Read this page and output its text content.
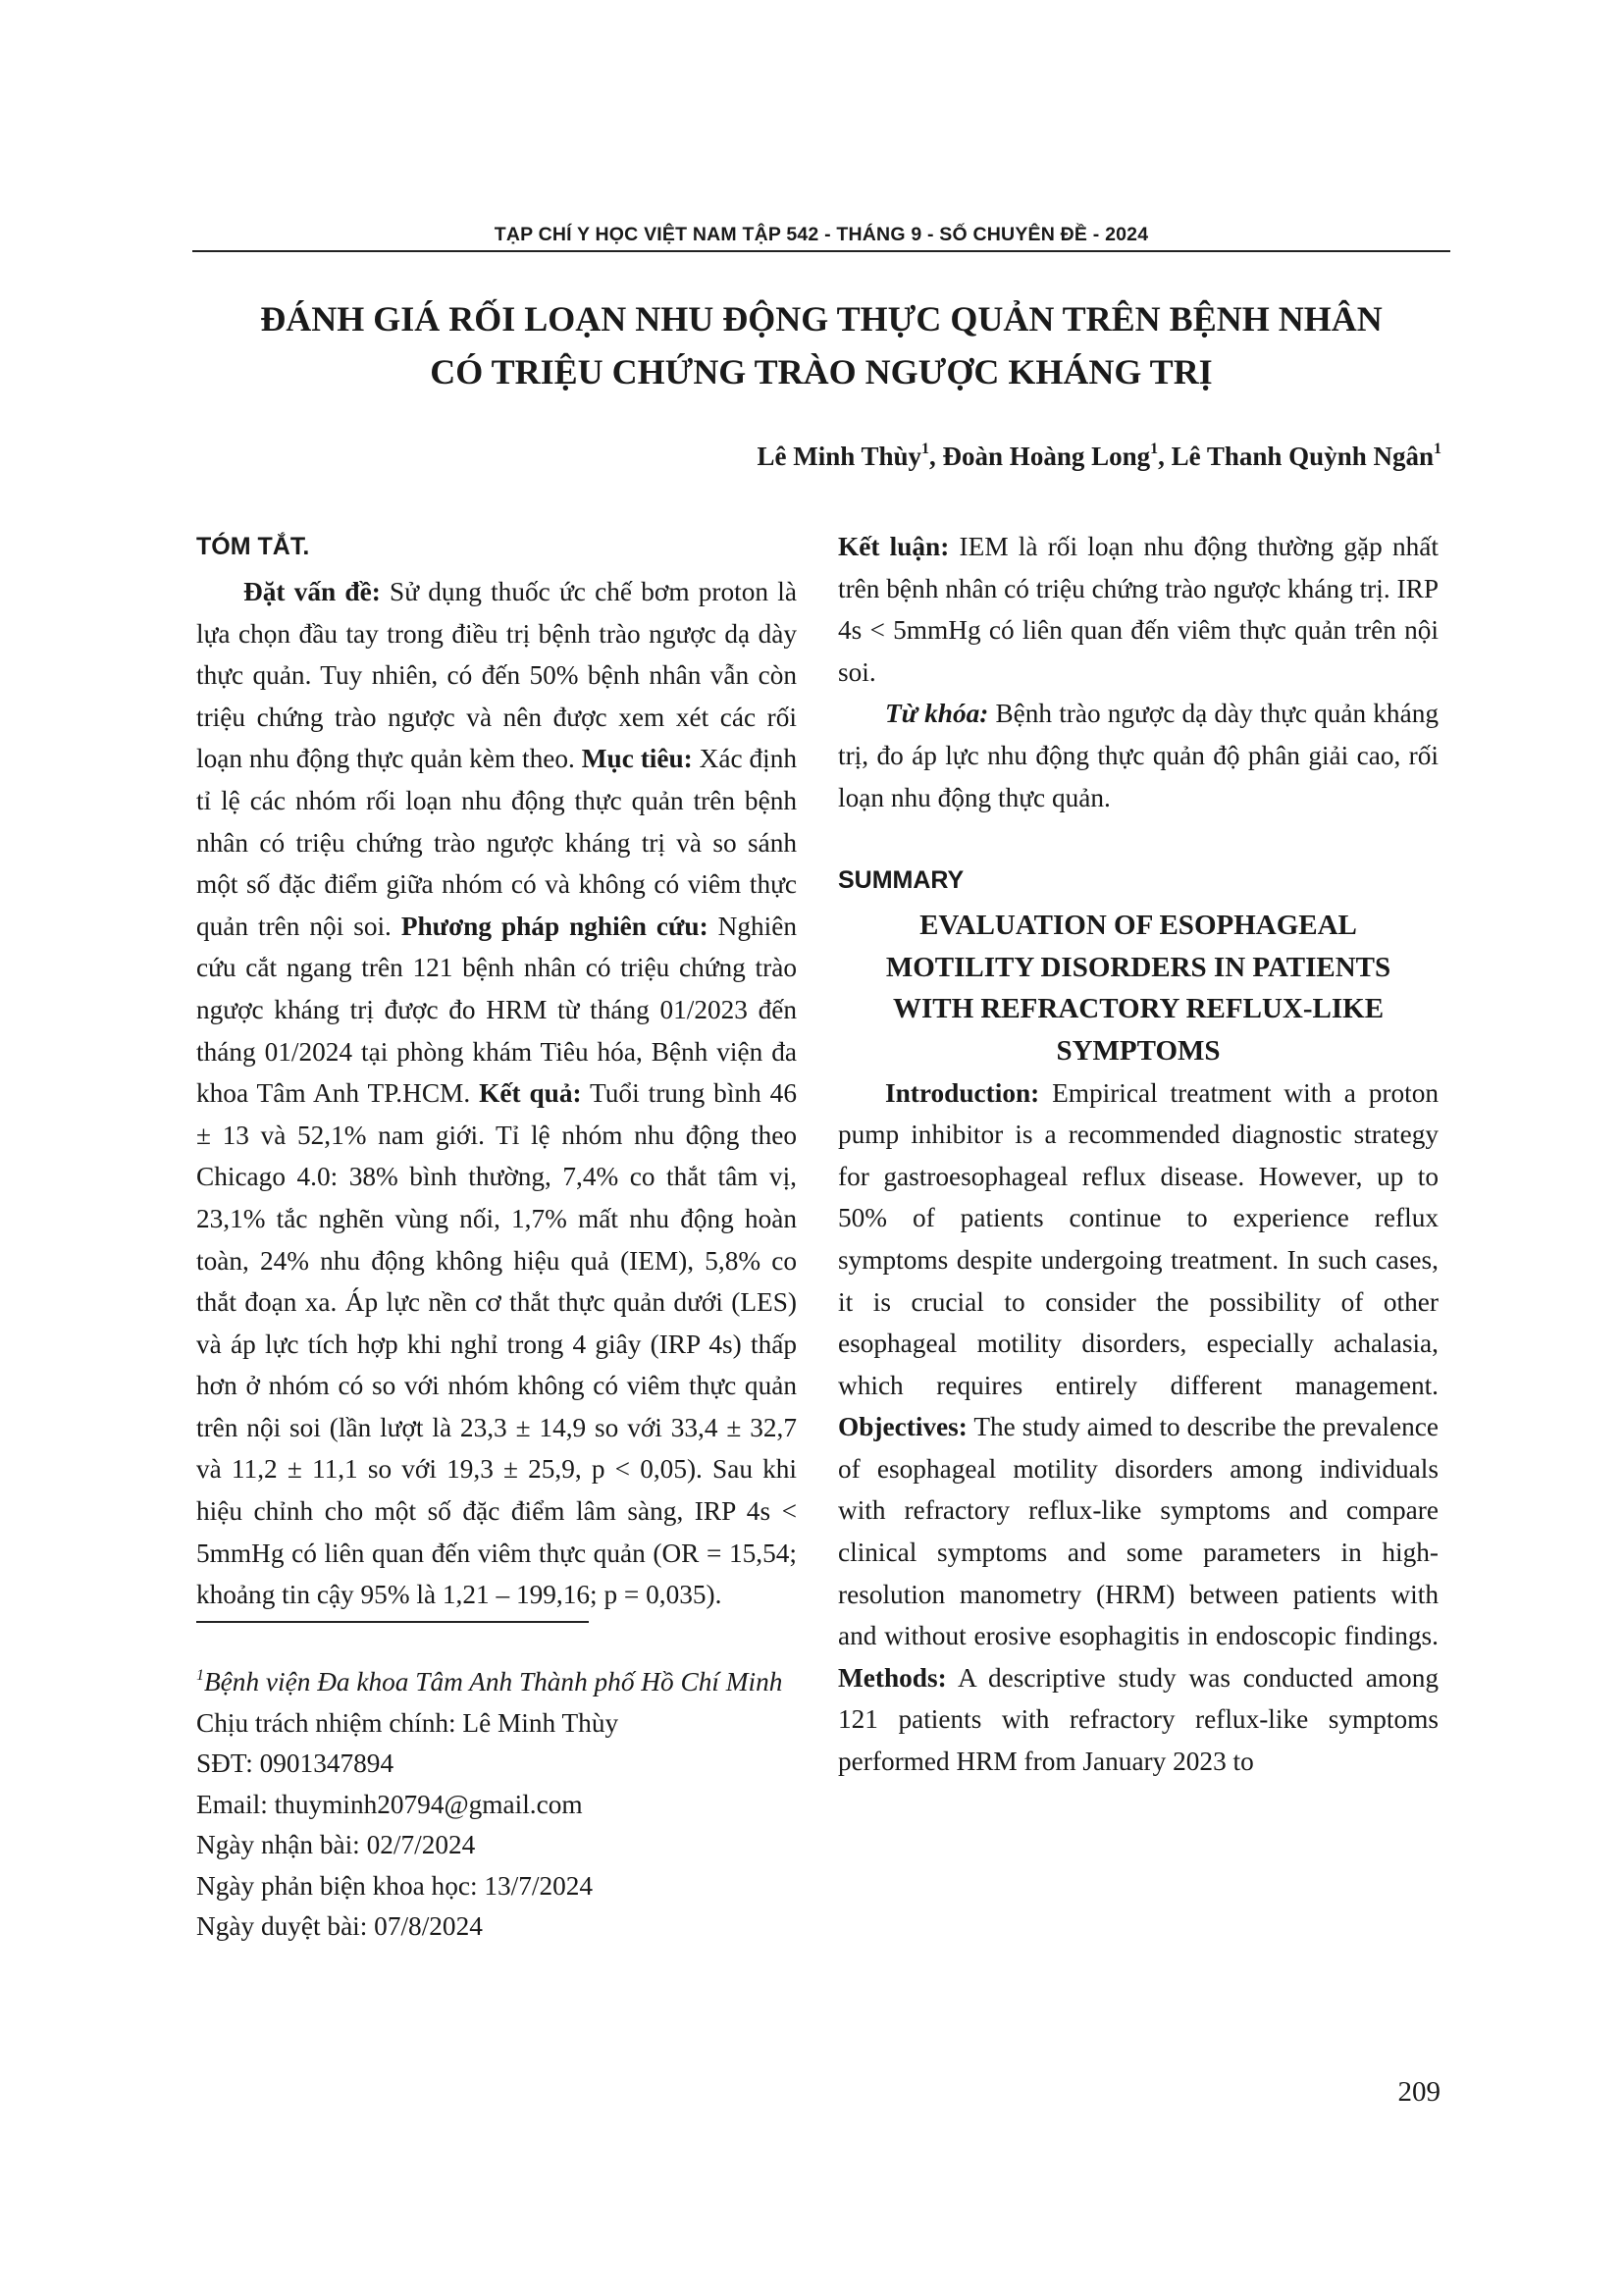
TẠP CHÍ Y HỌC VIỆT NAM TẬP 542 - THÁNG 9 - SỐ CHUYÊN ĐỀ - 2024
ĐÁNH GIÁ RỐI LOẠN NHU ĐỘNG THỰC QUẢN TRÊN BỆNH NHÂN
CÓ TRIỆU CHỨNG TRÀO NGƯỢC KHÁNG TRỊ
Lê Minh Thùy$^1$, Đoàn Hoàng Long$^1$, Lê Thanh Quỳnh Ngân$^1$
TÓM TẮT.

Đặt vấn đề: Sử dụng thuốc ức chế bơm proton là lựa chọn đầu tay trong điều trị bệnh trào ngược dạ dày thực quản. Tuy nhiên, có đến 50% bệnh nhân vẫn còn triệu chứng trào ngược và nên được xem xét các rối loạn nhu động thực quản kèm theo. Mục tiêu: Xác định tỉ lệ các nhóm rối loạn nhu động thực quản trên bệnh nhân có triệu chứng trào ngược kháng trị và so sánh một số đặc điểm giữa nhóm có và không có viêm thực quản trên nội soi. Phương pháp nghiên cứu: Nghiên cứu cắt ngang trên 121 bệnh nhân có triệu chứng trào ngược kháng trị được đo HRM từ tháng 01/2023 đến tháng 01/2024 tại phòng khám Tiêu hóa, Bệnh viện đa khoa Tâm Anh TP.HCM. Kết quả: Tuổi trung bình 46 ± 13 và 52,1% nam giới. Tỉ lệ nhóm nhu động theo Chicago 4.0: 38% bình thường, 7,4% co thắt tâm vị, 23,1% tắc nghẽn vùng nối, 1,7% mất nhu động hoàn toàn, 24% nhu động không hiệu quả (IEM), 5,8% co thắt đoạn xa. Áp lực nền cơ thắt thực quản dưới (LES) và áp lực tích hợp khi nghỉ trong 4 giây (IRP 4s) thấp hơn ở nhóm có so với nhóm không có viêm thực quản trên nội soi (lần lượt là 23,3 ± 14,9 so với 33,4 ± 32,7 và 11,2 ± 11,1 so với 19,3 ± 25,9, p < 0,05). Sau khi hiệu chỉnh cho một số đặc điểm lâm sàng, IRP 4s < 5mmHg có liên quan đến viêm thực quản (OR = 15,54; khoảng tin cậy 95% là 1,21 – 199,16; p = 0,035).

Kết luận: IEM là rối loạn nhu động thường gặp nhất trên bệnh nhân có triệu chứng trào ngược kháng trị. IRP 4s < 5mmHg có liên quan đến viêm thực quản trên nội soi.

Từ khóa: Bệnh trào ngược dạ dày thực quản kháng trị, đo áp lực nhu động thực quản độ phân giải cao, rối loạn nhu động thực quản.

SUMMARY
EVALUATION OF ESOPHAGEAL
MOTILITY DISORDERS IN PATIENTS
WITH REFRACTORY REFLUX-LIKE
SYMPTOMS

Introduction: Empirical treatment with a proton pump inhibitor is a recommended diagnostic strategy for gastroesophageal reflux disease. However, up to 50% of patients continue to experience reflux symptoms despite undergoing treatment. In such cases, it is crucial to consider the possibility of other esophageal motility disorders, especially achalasia, which requires entirely different management. Objectives: The study aimed to describe the prevalence of esophageal motility disorders among individuals with refractory reflux-like symptoms and compare clinical symptoms and some parameters in high-resolution manometry (HRM) between patients with and without erosive esophagitis in endoscopic findings. Methods: A descriptive study was conducted among 121 patients with refractory reflux-like symptoms performed HRM from January 2023 to

$^1$Bệnh viện Đa khoa Tâm Anh Thành phố Hồ Chí Minh
Chịu trách nhiệm chính: Lê Minh Thùy
SĐT: 0901347894
Email: thuyminh20794@gmail.com
Ngày nhận bài: 02/7/2024
Ngày phản biện khoa học: 13/7/2024
Ngày duyệt bài: 07/8/2024
209
